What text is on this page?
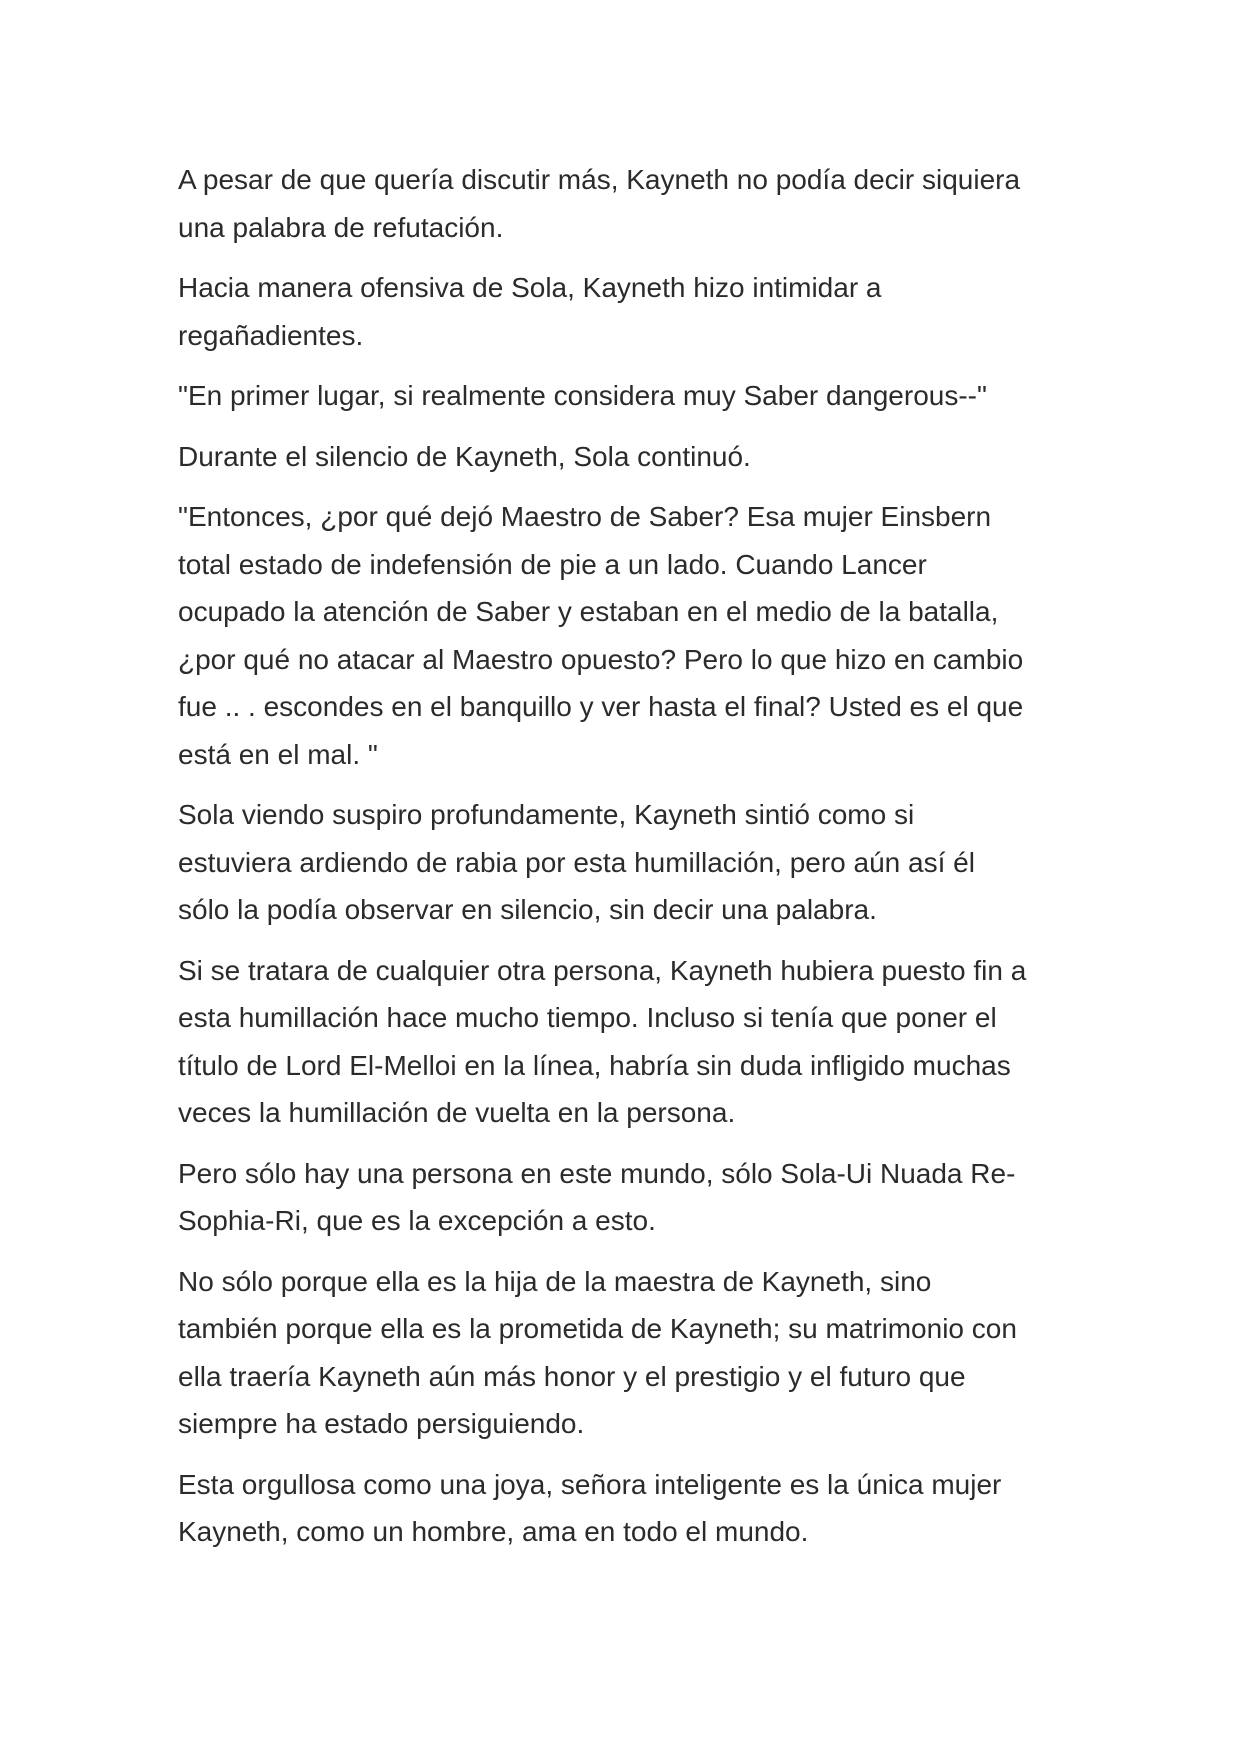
A pesar de que quería discutir más, Kayneth no podía decir siquiera
una palabra de refutación.

Hacia manera ofensiva de Sola, Kayneth hizo intimidar a
regañadientes.

"En primer lugar, si realmente considera muy Saber dangerous--"

Durante el silencio de Kayneth, Sola continuó.

"Entonces, ¿por qué dejó Maestro de Saber? Esa mujer Einsbern
total estado de indefensión de pie a un lado. Cuando Lancer
ocupado la atención de Saber y estaban en el medio de la batalla,
¿por qué no atacar al Maestro opuesto? Pero lo que hizo en cambio
fue .. . escondes en el banquillo y ver hasta el final? Usted es el que
está en el mal. "

Sola viendo suspiro profundamente, Kayneth sintió como si
estuviera ardiendo de rabia por esta humillación, pero aún así él
sólo la podía observar en silencio, sin decir una palabra.

Si se tratara de cualquier otra persona, Kayneth hubiera puesto fin a
esta humillación hace mucho tiempo. Incluso si tenía que poner el
título de Lord El-Melloi en la línea, habría sin duda infligido muchas
veces la humillación de vuelta en la persona.

Pero sólo hay una persona en este mundo, sólo Sola-Ui Nuada Re-
Sophia-Ri, que es la excepción a esto.

No sólo porque ella es la hija de la maestra de Kayneth, sino
también porque ella es la prometida de Kayneth; su matrimonio con
ella traería Kayneth aún más honor y el prestigio y el futuro que
siempre ha estado persiguiendo.

Esta orgullosa como una joya, señora inteligente es la única mujer
Kayneth, como un hombre, ama en todo el mundo.
